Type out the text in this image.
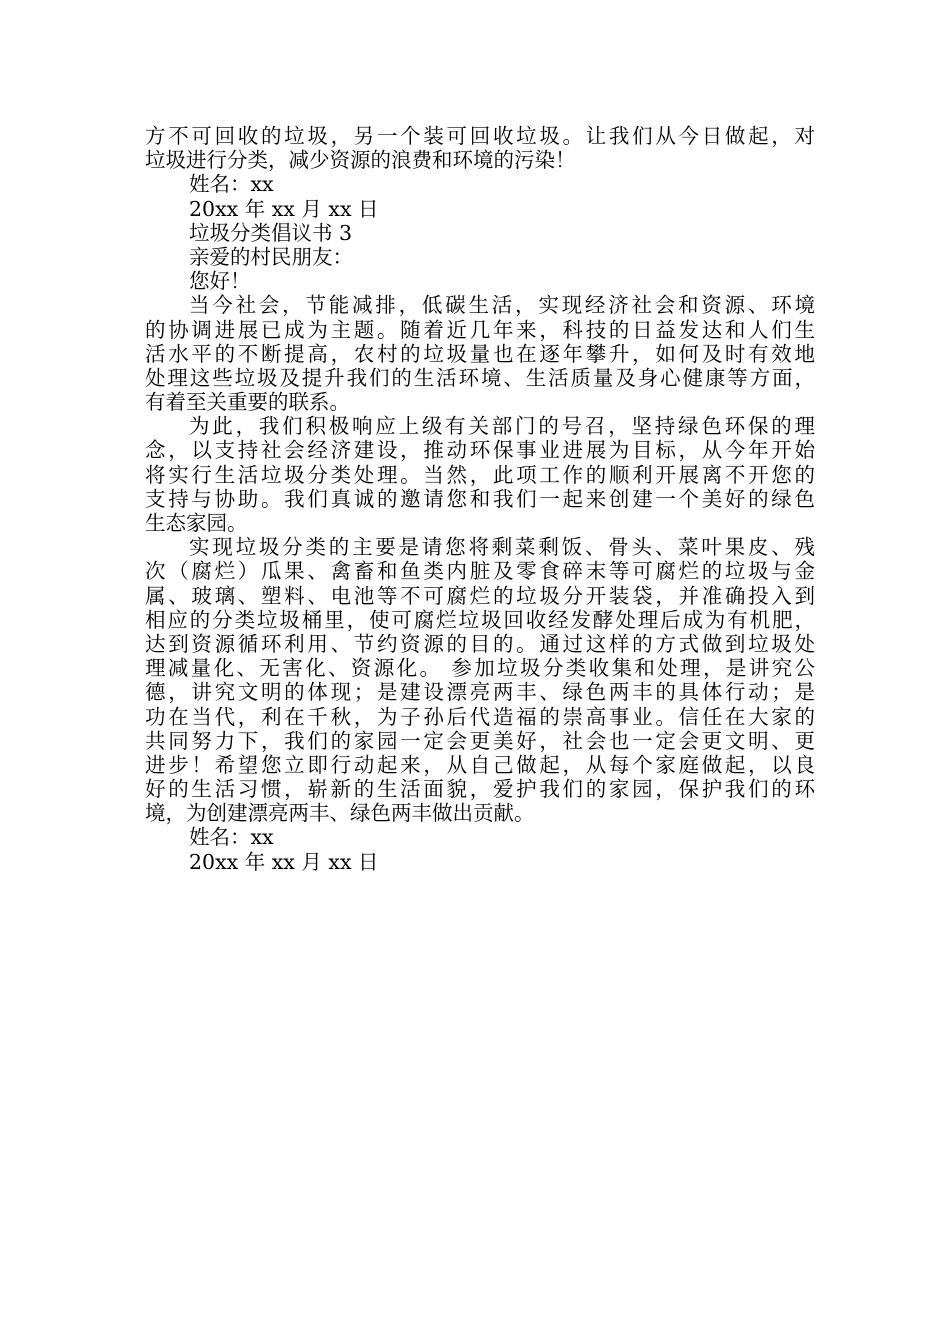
方不可回收的垃圾，另一个装可回收垃圾。让我们从今日做起，对
垃圾进行分类，减少资源的浪费和环境的污染！
姓名：xx
20xx 年 xx 月 xx 日
垃圾分类倡议书 3
亲爱的村民朋友：
您好！
当今社会，节能减排，低碳生活，实现经济社会和资源、环境
的协调进展已成为主题。随着近几年来，科技的日益发达和人们生
活水平的不断提高，农村的垃圾量也在逐年攀升，如何及时有效地
处理这些垃圾及提升我们的生活环境、生活质量及身心健康等方面，
有着至关重要的联系。
为此，我们积极响应上级有关部门的号召，坚持绿色环保的理
念，以支持社会经济建设，推动环保事业进展为目标，从今年开始
将实行生活垃圾分类处理。当然，此项工作的顺利开展离不开您的
支持与协助。我们真诚的邀请您和我们一起来创建一个美好的绿色
生态家园。
实现垃圾分类的主要是请您将剩菜剩饭、骨头、菜叶果皮、残
次（腐烂）瓜果、禽畜和鱼类内脏及零食碎末等可腐烂的垃圾与金
属、玻璃、塑料、电池等不可腐烂的垃圾分开装袋，并准确投入到
相应的分类垃圾桶里，使可腐烂垃圾回收经发酵处理后成为有机肥，
达到资源循环利用、节约资源的目的。通过这样的方式做到垃圾处
理减量化、无害化、资源化。 参加垃圾分类收集和处理，是讲究公
德，讲究文明的体现；是建设漂亮两丰、绿色两丰的具体行动；是
功在当代，利在千秋，为子孙后代造福的崇高事业。信任在大家的
共同努力下，我们的家园一定会更美好，社会也一定会更文明、更
进步！希望您立即行动起来，从自己做起，从每个家庭做起，以良
好的生活习惯，崭新的生活面貌，爱护我们的家园，保护我们的环
境，为创建漂亮两丰、绿色两丰做出贡献。
姓名：xx
20xx 年 xx 月 xx 日
